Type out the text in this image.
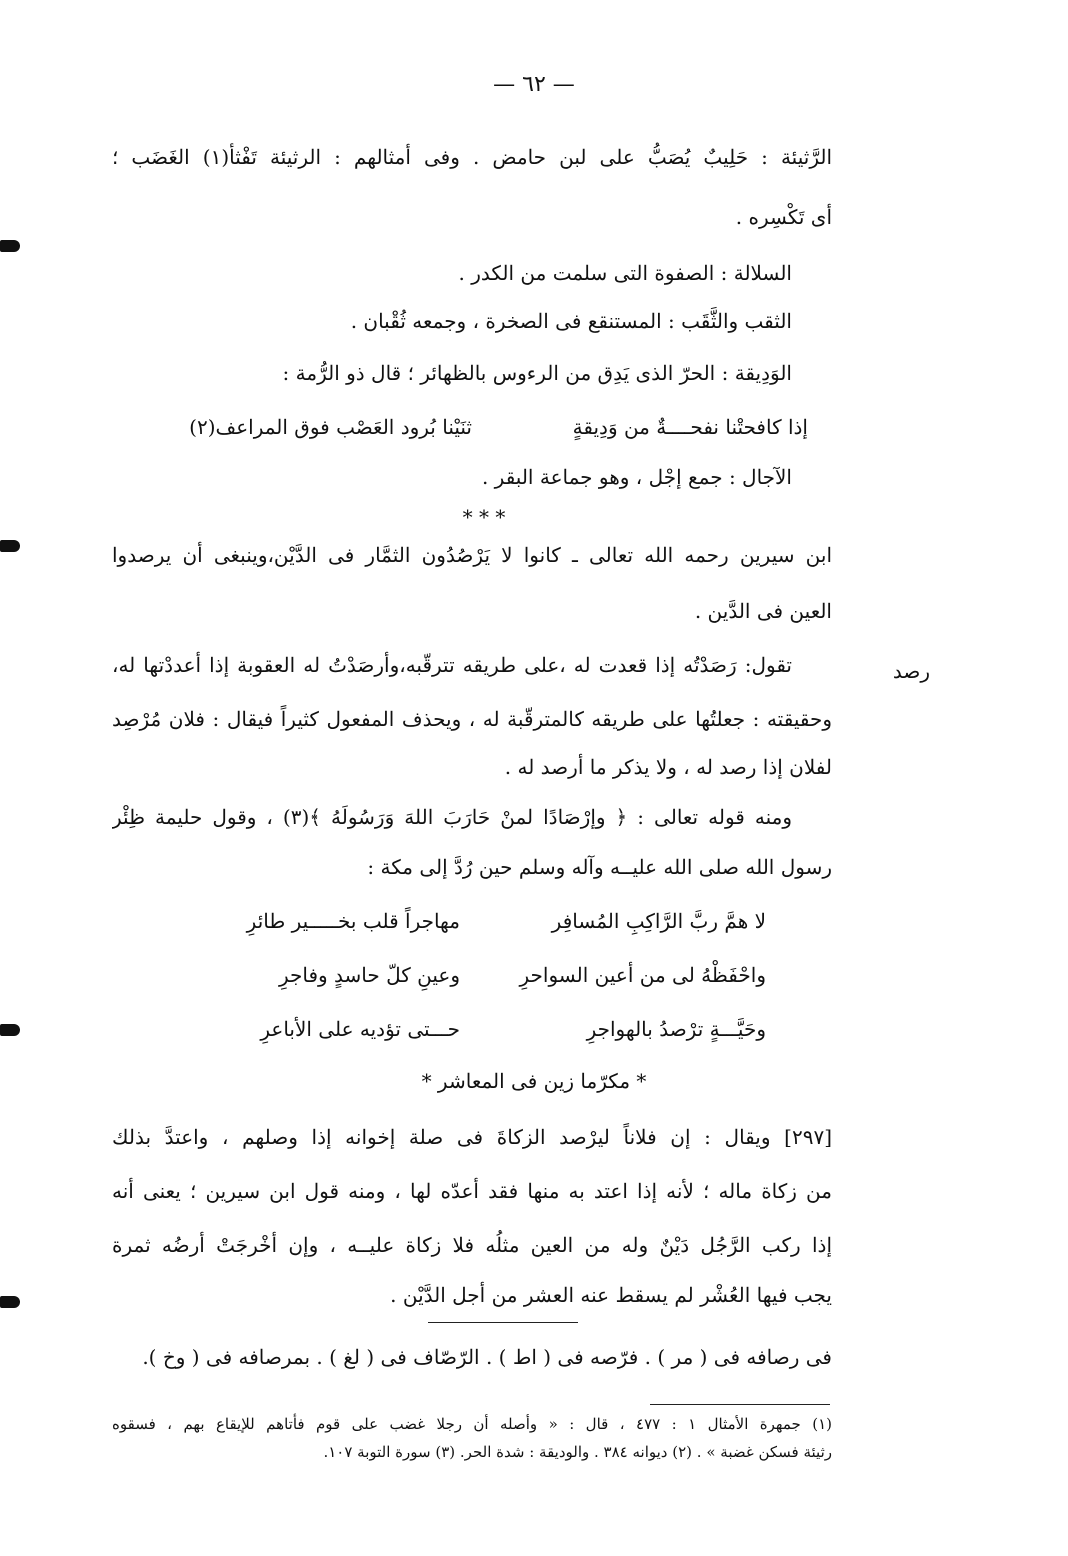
— ٦٢ —
رصد
الرَّثيئة : حَلِيبٌ يُصَبُّ على لبن حامض . وفى أمثالهم : الرثيئة تَفْثأ(١) الغَضَب ؛
أى تَكْسِره .
السلالة : الصفوة التى سلمت من الكدر .
الثقب والثَّقَب : المستنقع فى الصخرة ، وجمعه ثُقْبان .
الوَدِيقة : الحرّ الذى يَدِق من الرءوس بالظهائر ؛ قال ذو الرُّمة :
إذا كافحتْنا نفحــــةٌ من وَدِيقةٍ
ثنَيْنا بُرود العَصْب فوق المراعف(٢)
الآجال : جمع إجْل ، وهو جماعة البقر .
* * *
ابن سيرين رحمه الله تعالى ـ كانوا لا يَرْصُدُون الثمَّار فى الدَّيْن،وينبغى أن يرصدوا
العين فى الدَّين .
تقول: رَصَدْتُه إذا قعدت له ،على طريقه تترقّبه،وأرصَدْتُ له العقوبة إذا أعددْتها له،
وحقيقته : جعلتُها على طريقه كالمترقّبة له ، ويحذف المفعول كثيراً فيقال : فلان مُرْصِد
لفلان إذا رصد له ، ولا يذكر ما أرصد له .
ومنه قوله تعالى : ﴿ وإرْصَادًا لمنْ حَارَبَ اللهَ وَرَسُولَهُ ﴾(٣) ، وقول حليمة ظِئْر
رسول الله صلى الله عليــه وآله وسلم حين رُدَّ إلى مكة :
لا همَّ ربَّ الرَّاكِبِ المُسافِر
مهاجراً قلب بخـــــير طائرِ
واحْفَظْهُ لى من أعين السواحرِ
وعينِ كلّ حاسدٍ وفاجرِ
وحَيَّـــةٍ ترْصدُ بالهواجرِ
حـــتى تؤديه على الأباعرِ
* مكرّما زين فى المعاشر *
[٢٩٧] ويقال : إن فلاناً ليرْصد الزكاةَ فى صلة إخوانه إذا وصلهم ، واعتدَّ بذلك
من زكاة ماله ؛ لأنه إذا اعتد به منها فقد أعدّه لها ، ومنه قول ابن سيرين ؛ يعنى أنه
إذا ركب الرَّجُل دَيْنٌ وله من العين مثلُه فلا زكاة عليــه ، وإن أخْرجَتْ أرضُه ثمرة
يجب فيها العُشْر لم يسقط عنه العشر من أجل الدَّيْن .
فى رصافه فى ( مر ) . فرّصه فى ( اط ) . الرّصّاف فى ( لغ ) . بمرصافه فى ( وخ ).
(١) جمهرة الأمثال ١ : ٤٧٧ ، قال : « وأصله أن رجلا غضب على قوم فأتاهم للإيقاع بهم ، فسقوه
رثيئة فسكن غضبة » . (٢) ديوانه ٣٨٤ . والوديقة : شدة الحر. (٣) سورة التوبة ١٠٧.
